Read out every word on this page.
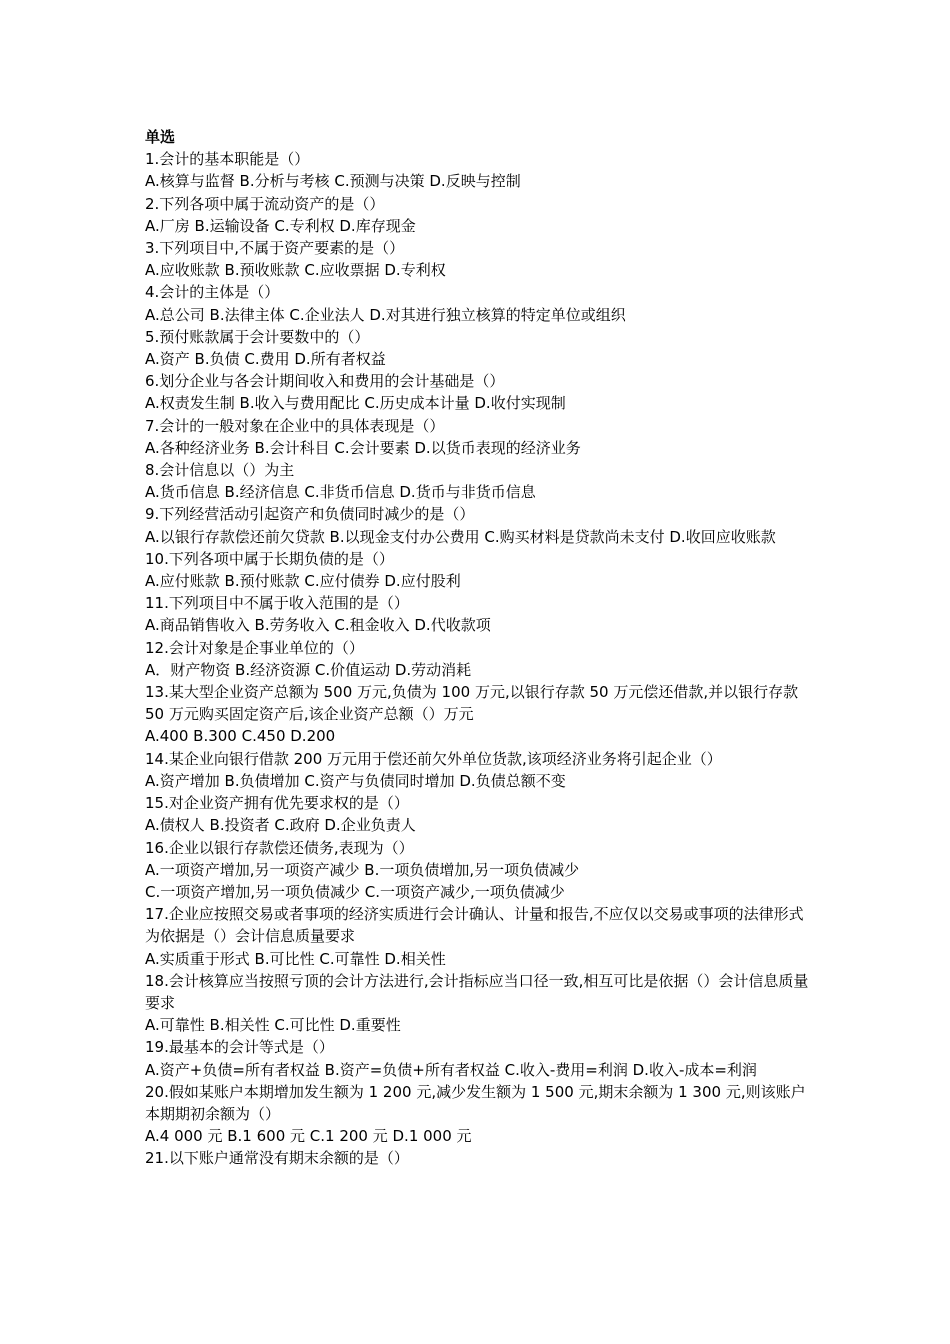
单选

1.会计的基本职能是（）

A.核算与监督 B.分析与考核 C.预测与决策 D.反映与控制

2.下列各项中属于流动资产的是（）

A.厂房 B.运输设备 C.专利权 D.库存现金

3.下列项目中,不属于资产要素的是（）

A.应收账款 B.预收账款 C.应收票据 D.专利权

4.会计的主体是（）

A.总公司 B.法律主体 C.企业法人 D.对其进行独立核算的特定单位或组织

5.预付账款属于会计要数中的（）

A.资产 B.负债 C.费用 D.所有者权益

6.划分企业与各会计期间收入和费用的会计基础是（）

A.权责发生制 B.收入与费用配比 C.历史成本计量 D.收付实现制

7.会计的一般对象在企业中的具体表现是（）

A.各种经济业务 B.会计科目 C.会计要素 D.以货币表现的经济业务

8.会计信息以（）为主

A.货币信息 B.经济信息 C.非货币信息 D.货币与非货币信息

9.下列经营活动引起资产和负债同时减少的是（）

A.以银行存款偿还前欠贷款 B.以现金支付办公费用 C.购买材料是贷款尚未支付 D.收回应收账款

10.下列各项中属于长期负债的是（）

A.应付账款 B.预付账款 C.应付债券 D.应付股利

11.下列项目中不属于收入范围的是（）

A.商品销售收入 B.劳务收入 C.租金收入 D.代收款项

12.会计对象是企事业单位的（）

A．财产物资 B.经济资源 C.价值运动 D.劳动消耗

13.某大型企业资产总额为 500 万元,负债为 100 万元,以银行存款 50 万元偿还借款,并以银行存款 50 万元购买固定资产后,该企业资产总额（）万元

A.400 B.300 C.450 D.200

14.某企业向银行借款 200 万元用于偿还前欠外单位货款,该项经济业务将引起企业（）

A.资产增加 B.负债增加 C.资产与负债同时增加 D.负债总额不变

15.对企业资产拥有优先要求权的是（）

A.债权人 B.投资者 C.政府 D.企业负责人

16.企业以银行存款偿还债务,表现为（）

A.一项资产增加,另一项资产减少 B.一项负债增加,另一项负债减少

C.一项资产增加,另一项负债减少 C.一项资产减少,一项负债减少

17.企业应按照交易或者事项的经济实质进行会计确认、计量和报告,不应仅以交易或事项的法律形式为依据是（）会计信息质量要求

A.实质重于形式 B.可比性 C.可靠性 D.相关性

18.会计核算应当按照亏顶的会计方法进行,会计指标应当口径一致,相互可比是依据（）会计信息质量要求

A.可靠性 B.相关性 C.可比性 D.重要性

19.最基本的会计等式是（）

A.资产+负债=所有者权益 B.资产=负债+所有者权益 C.收入-费用=利润 D.收入-成本=利润

20.假如某账户本期增加发生额为 1 200 元,减少发生额为 1 500 元,期末余额为 1 300 元,则该账户本期期初余额为（）

A.4 000 元 B.1 600 元 C.1 200 元 D.1 000 元

21.以下账户通常没有期末余额的是（）
